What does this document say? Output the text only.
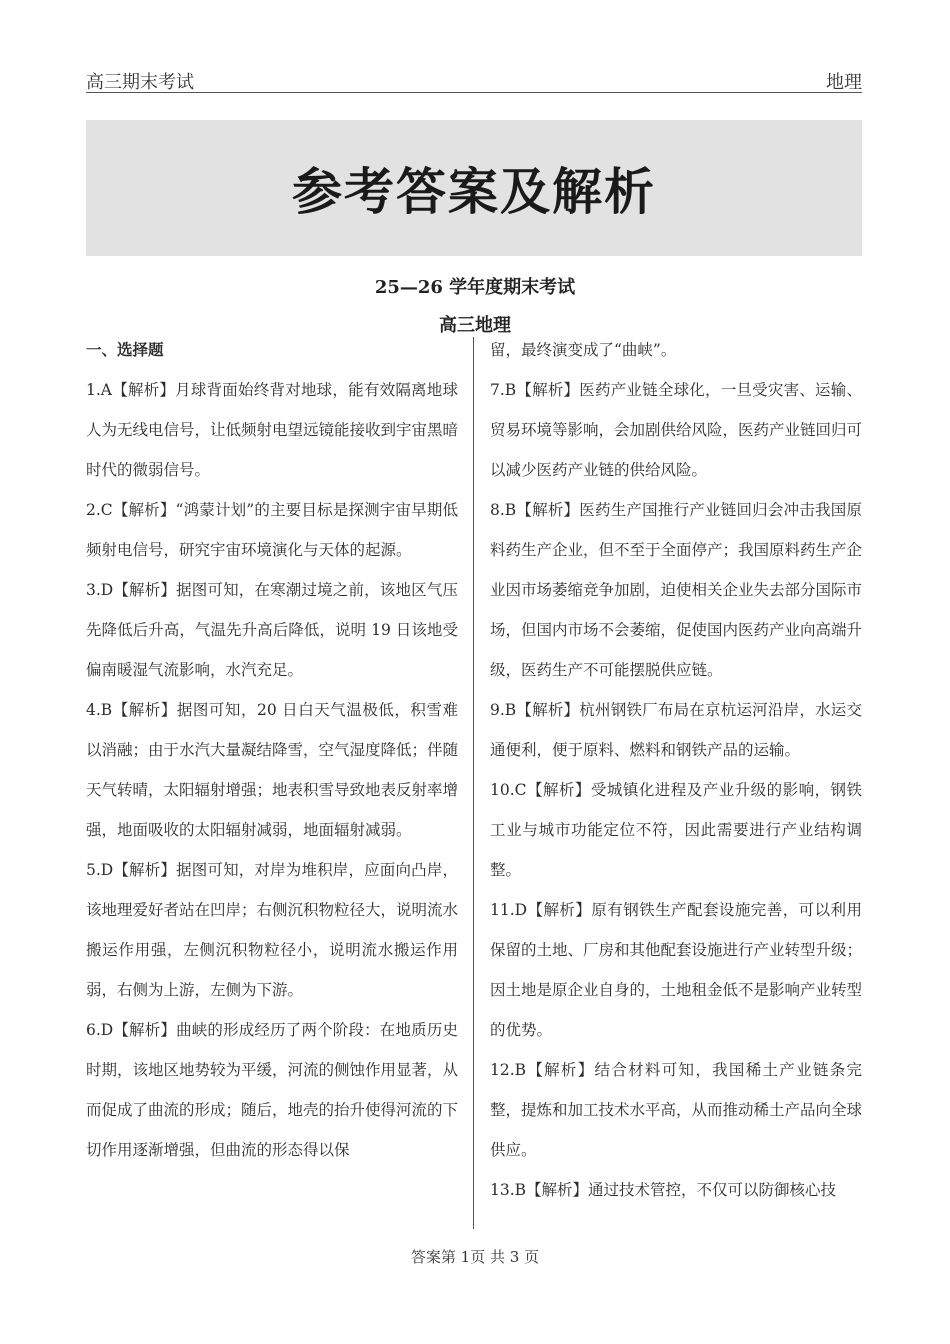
高三期末考试	地理
参考答案及解析
25—26 学年度期末考试
高三地理

一、选择题

1.A【解析】月球背面始终背对地球，能有效隔离地球人为无线电信号，让低频射电望远镜能接收到宇宙黑暗时代的微弱信号。

2.C【解析】“鸿蒙计划”的主要目标是探测宇宙早期低频射电信号，研究宇宙环境演化与天体的起源。

3.D【解析】据图可知，在寒潮过境之前，该地区气压先降低后升高，气温先升高后降低，说明 19 日该地受偏南暖湿气流影响，水汽充足。

4.B【解析】据图可知，20 日白天气温极低，积雪难以消融；由于水汽大量凝结降雪，空气湿度降低；伴随天气转晴，太阳辐射增强；地表积雪导致地表反射率增强，地面吸收的太阳辐射减弱，地面辐射减弱。

5.D【解析】据图可知，对岸为堆积岸，应面向凸岸，该地理爱好者站在凹岸；右侧沉积物粒径大，说明流水搬运作用强，左侧沉积物粒径小，说明流水搬运作用弱，右侧为上游，左侧为下游。

6.D【解析】曲峡的形成经历了两个阶段：在地质历史时期，该地区地势较为平缓，河流的侧蚀作用显著，从而促成了曲流的形成；随后，地壳的抬升使得河流的下切作用逐渐增强，但曲流的形态得以保

留，最终演变成了“曲峡”。

7.B【解析】医药产业链全球化，一旦受灾害、运输、贸易环境等影响，会加剧供给风险，医药产业链回归可以减少医药产业链的供给风险。

8.B【解析】医药生产国推行产业链回归会冲击我国原料药生产企业，但不至于全面停产；我国原料药生产企业因市场萎缩竞争加剧，迫使相关企业失去部分国际市场，但国内市场不会萎缩，促使国内医药产业向高端升级，医药生产不可能摆脱供应链。

9.B【解析】杭州钢铁厂布局在京杭运河沿岸，水运交通便利，便于原料、燃料和钢铁产品的运输。

10.C【解析】受城镇化进程及产业升级的影响，钢铁工业与城市功能定位不符，因此需要进行产业结构调整。

11.D【解析】原有钢铁生产配套设施完善，可以利用保留的土地、厂房和其他配套设施进行产业转型升级；因土地是原企业自身的，土地租金低不是影响产业转型的优势。

12.B【解析】结合材料可知，我国稀土产业链条完整，提炼和加工技术水平高，从而推动稀土产品向全球供应。

13.B【解析】通过技术管控，不仅可以防御核心技

答案第 1页 共 3 页
